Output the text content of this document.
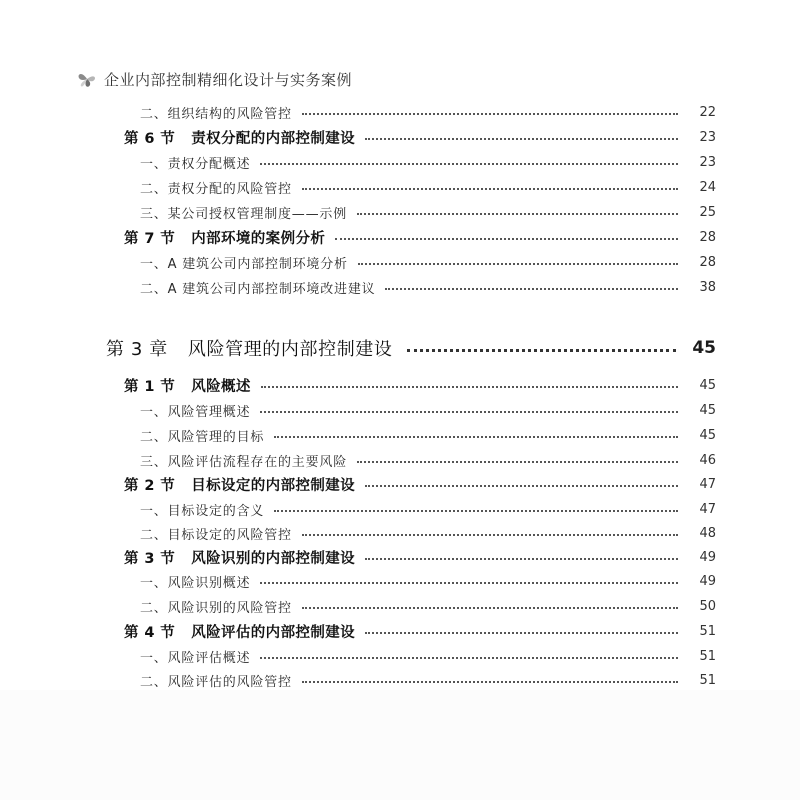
企业内部控制精细化设计与实务案例
二、组织结构的风险管控	22
第 6 节 责权分配的内部控制建设	23
一、责权分配概述	23
二、责权分配的风险管控	24
三、某公司授权管理制度——示例	25
第 7 节 内部环境的案例分析	28
一、A 建筑公司内部控制环境分析	28
二、A 建筑公司内部控制环境改进建议	38
第 3 章 风险管理的内部控制建设	45
第 1 节 风险概述	45
一、风险管理概述	45
二、风险管理的目标	45
三、风险评估流程存在的主要风险	46
第 2 节 目标设定的内部控制建设	47
一、目标设定的含义	47
二、目标设定的风险管控	48
第 3 节 风险识别的内部控制建设	49
一、风险识别概述	49
二、风险识别的风险管控	50
第 4 节 风险评估的内部控制建设	51
一、风险评估概述	51
二、风险评估的风险管控	51
